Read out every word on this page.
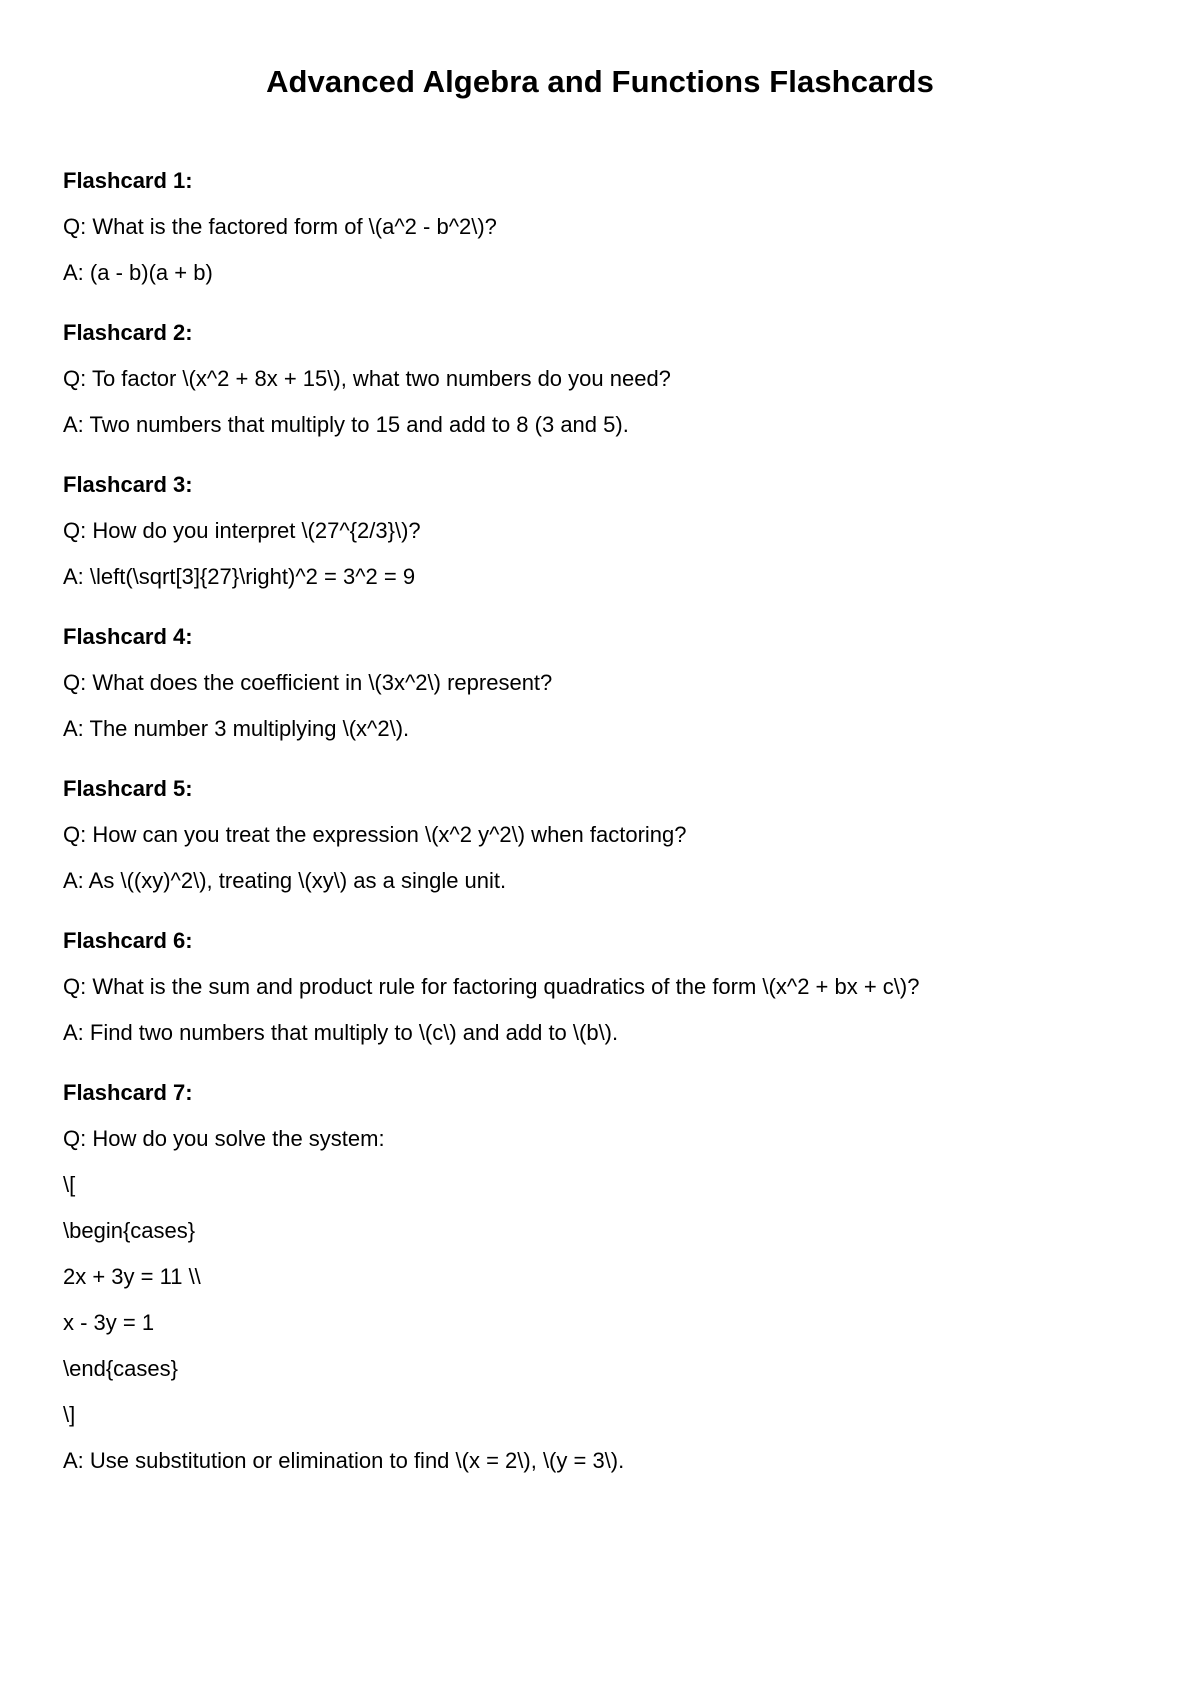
Advanced Algebra and Functions Flashcards
Flashcard 1:
Q: What is the factored form of \(a^2 - b^2\)?
A: (a - b)(a + b)
Flashcard 2:
Q: To factor \(x^2 + 8x + 15\), what two numbers do you need?
A: Two numbers that multiply to 15 and add to 8 (3 and 5).
Flashcard 3:
Q: How do you interpret \(27^{2/3}\)?
A: \left(\sqrt[3]{27}\right)^2 = 3^2 = 9
Flashcard 4:
Q: What does the coefficient in \(3x^2\) represent?
A: The number 3 multiplying \(x^2\).
Flashcard 5:
Q: How can you treat the expression \(x^2 y^2\) when factoring?
A: As \((xy)^2\), treating \(xy\) as a single unit.
Flashcard 6:
Q: What is the sum and product rule for factoring quadratics of the form \(x^2 + bx + c\)?
A: Find two numbers that multiply to \(c\) and add to \(b\).
Flashcard 7:
Q: How do you solve the system:
\[
\begin{cases}
2x + 3y = 11 \\
x - 3y = 1
\end{cases}
\]
A: Use substitution or elimination to find \(x = 2\), \(y = 3\).
